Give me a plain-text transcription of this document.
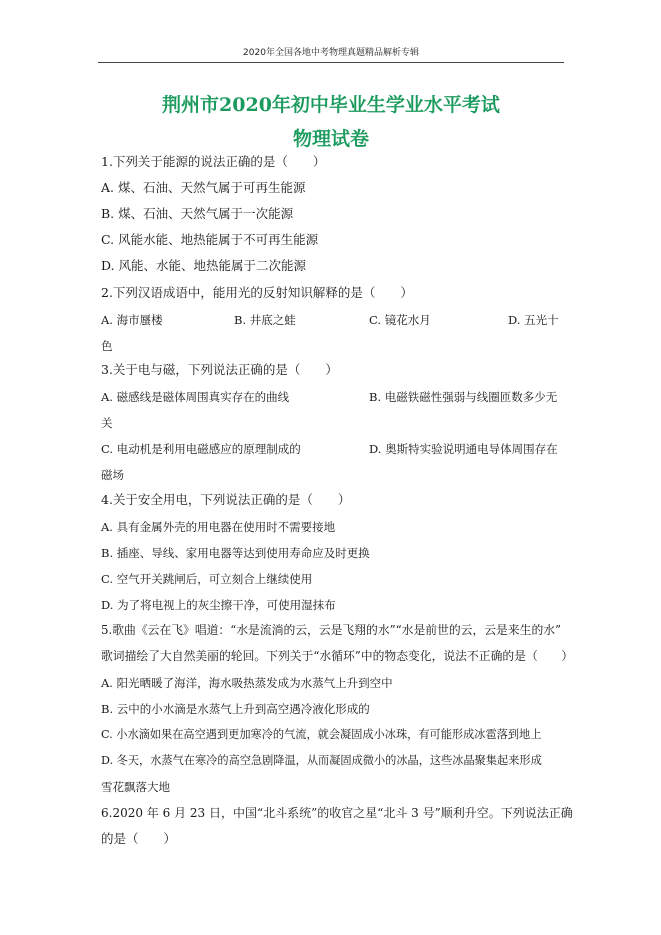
2020年全国各地中考物理真题精品解析专辑
荆州市2020年初中毕业生学业水平考试
物理试卷
1.下列关于能源的说法正确的是（　　）
A. 煤、石油、天然气属于可再生能源
B. 煤、石油、天然气属于一次能源
C. 风能水能、地热能属于不可再生能源
D. 风能、水能、地热能属于二次能源
2.下列汉语成语中，能用光的反射知识解释的是（　　）
A. 海市蜃楼	B. 井底之蛙	C. 镜花水月	D. 五光十
色
3.关于电与磁，下列说法正确的是（　　）
A. 磁感线是磁体周围真实存在的曲线	B. 电磁铁磁性强弱与线圈匝数多少无
关
C. 电动机是利用电磁感应的原理制成的	D. 奥斯特实验说明通电导体周围存在
磁场
4.关于安全用电，下列说法正确的是（　　）
A. 具有金属外壳的用电器在使用时不需要接地
B. 插座、导线、家用电器等达到使用寿命应及时更换
C. 空气开关跳闸后，可立刻合上继续使用
D. 为了将电视上的灰尘擦干净，可使用湿抹布
5.歌曲《云在飞》唱道：“水是流淌的云，云是飞翔的水”“水是前世的云，云是来生的水”
歌词描绘了大自然美丽的轮回。下列关于“水循环”中的物态变化，说法不正确的是（　　）
A. 阳光晒暖了海洋，海水吸热蒸发成为水蒸气上升到空中
B. 云中的小水滴是水蒸气上升到高空遇冷液化形成的
C. 小水滴如果在高空遇到更加寒冷的气流，就会凝固成小冰珠，有可能形成冰雹落到地上
D. 冬天，水蒸气在寒冷的高空急剧降温，从而凝固成微小的冰晶，这些冰晶聚集起来形成
雪花飘落大地
6.2020 年 6 月 23 日，中国“北斗系统”的收官之星“北斗 3 号”顺利升空。下列说法正确
的是（　　）
